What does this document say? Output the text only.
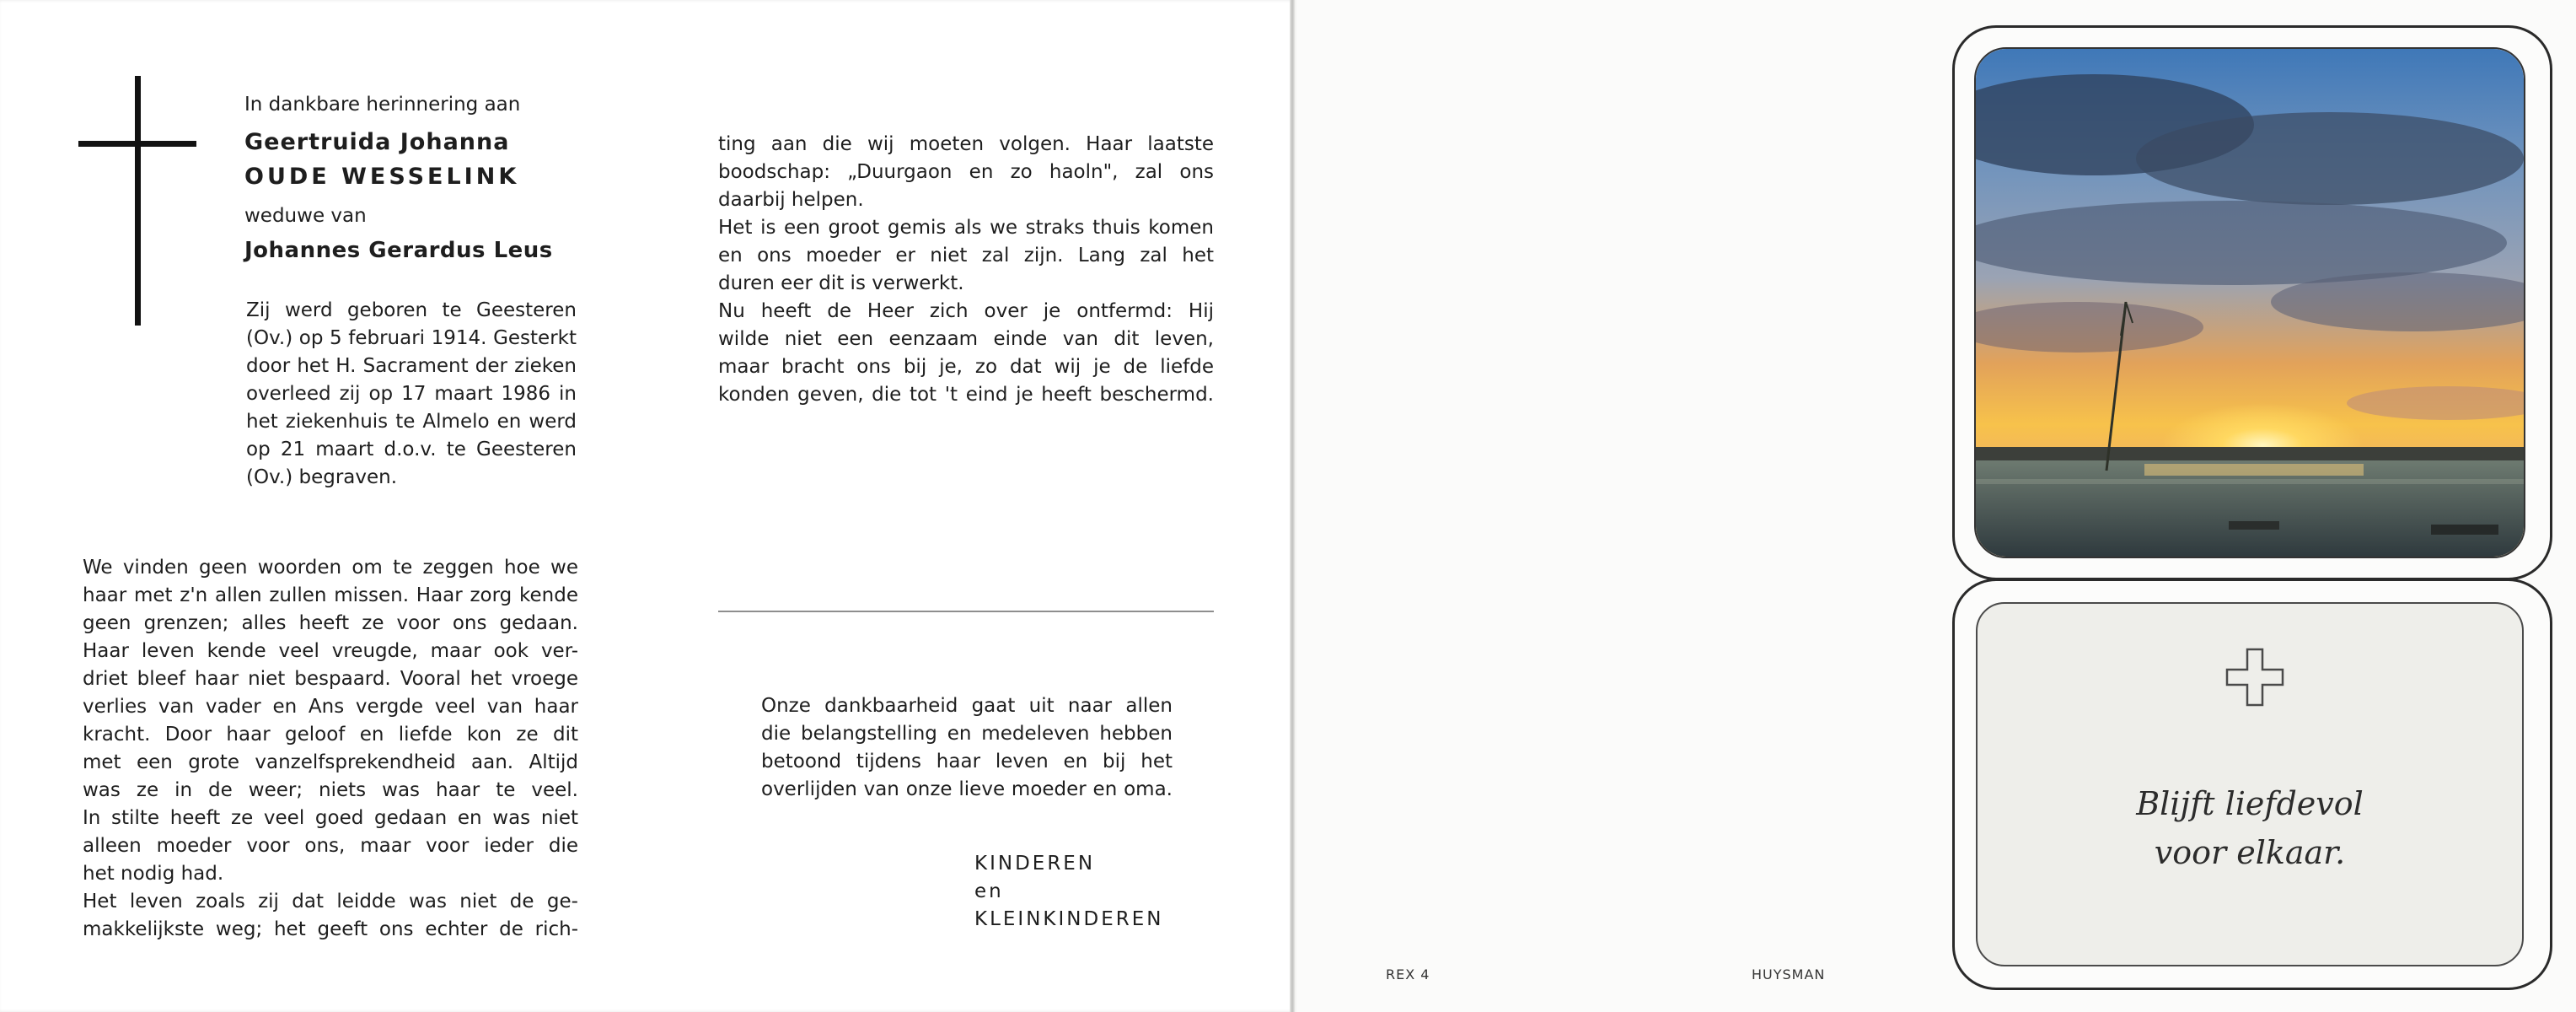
In dankbare herinnering aan
Geertruida Johanna
OUDE WESSELINK
weduwe van
Johannes Gerardus Leus
Zij werd geboren te Geesteren
(Ov.) op 5 februari 1914. Gesterkt
door het H. Sacrament der zieken
overleed zij op 17 maart 1986 in
het ziekenhuis te Almelo en werd
op 21 maart d.o.v. te Geesteren
(Ov.) begraven.
We vinden geen woorden om te zeggen hoe we
haar met z'n allen zullen missen. Haar zorg kende
geen grenzen; alles heeft ze voor ons gedaan.
Haar leven kende veel vreugde, maar ook ver-
driet bleef haar niet bespaard. Vooral het vroege
verlies van vader en Ans vergde veel van haar
kracht. Door haar geloof en liefde kon ze dit
met een grote vanzelfsprekendheid aan. Altijd
was ze in de weer; niets was haar te veel.
In stilte heeft ze veel goed gedaan en was niet
alleen moeder voor ons, maar voor ieder die
het nodig had.
Het leven zoals zij dat leidde was niet de ge-
makkelijkste weg; het geeft ons echter de rich-
ting aan die wij moeten volgen. Haar laatste
boodschap: „Duurgaon en zo haoln", zal ons
daarbij helpen.
Het is een groot gemis als we straks thuis komen
en ons moeder er niet zal zijn. Lang zal het
duren eer dit is verwerkt.
Nu heeft de Heer zich over je ontfermd: Hij
wilde niet een eenzaam einde van dit leven,
maar bracht ons bij je, zo dat wij je de liefde
konden geven, die tot 't eind je heeft beschermd.
Onze dankbaarheid gaat uit naar allen
die belangstelling en medeleven hebben
betoond tijdens haar leven en bij het
overlijden van onze lieve moeder en oma.
KINDEREN
en
KLEINKINDEREN
REX 4	HUYSMAN
Blijft liefdevol
voor elkaar.
